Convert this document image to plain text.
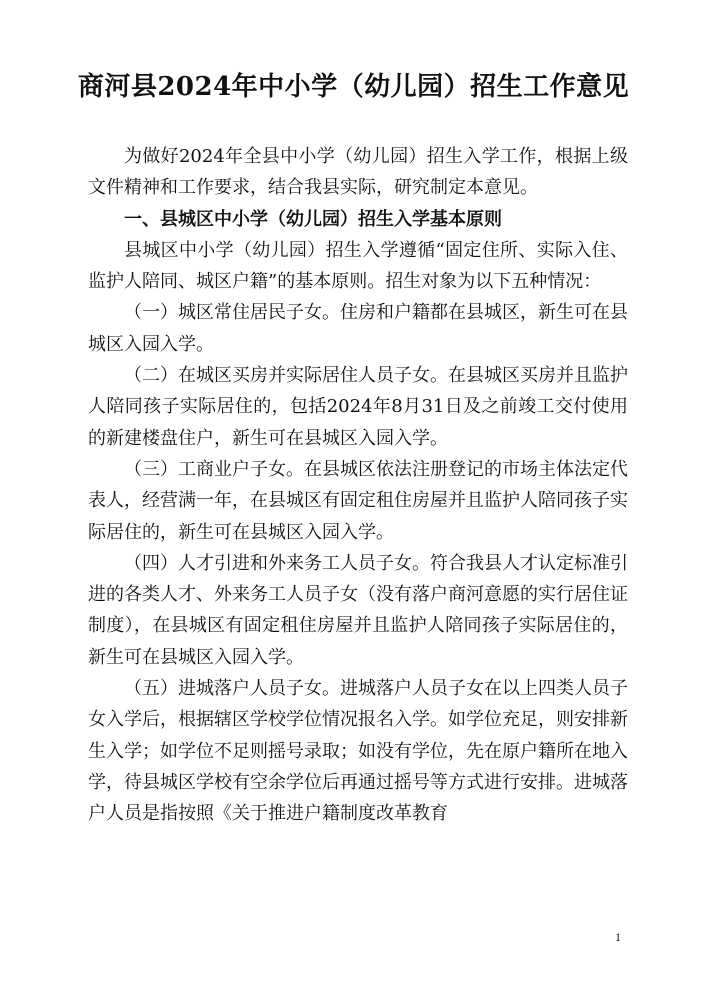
商河县2024年中小学（幼儿园）招生工作意见

为做好2024年全县中小学（幼儿园）招生入学工作，根据上级文件精神和工作要求，结合我县实际，研究制定本意见。

一、县城区中小学（幼儿园）招生入学基本原则

县城区中小学（幼儿园）招生入学遵循“固定住所、实际入住、监护人陪同、城区户籍”的基本原则。招生对象为以下五种情况：

（一）城区常住居民子女。住房和户籍都在县城区，新生可在县城区入园入学。

（二）在城区买房并实际居住人员子女。在县城区买房并且监护人陪同孩子实际居住的，包括2024年8月31日及之前竣工交付使用的新建楼盘住户，新生可在县城区入园入学。

（三）工商业户子女。在县城区依法注册登记的市场主体法定代表人，经营满一年，在县城区有固定租住房屋并且监护人陪同孩子实际居住的，新生可在县城区入园入学。

（四）人才引进和外来务工人员子女。符合我县人才认定标准引进的各类人才、外来务工人员子女（没有落户商河意愿的实行居住证制度），在县城区有固定租住房屋并且监护人陪同孩子实际居住的，新生可在县城区入园入学。

（五）进城落户人员子女。进城落户人员子女在以上四类人员子女入学后，根据辖区学校学位情况报名入学。如学位充足，则安排新生入学；如学位不足则摇号录取；如没有学位，先在原户籍所在地入学，待县城区学校有空余学位后再通过摇号等方式进行安排。进城落户人员是指按照《关于推进户籍制度改革教育

1
